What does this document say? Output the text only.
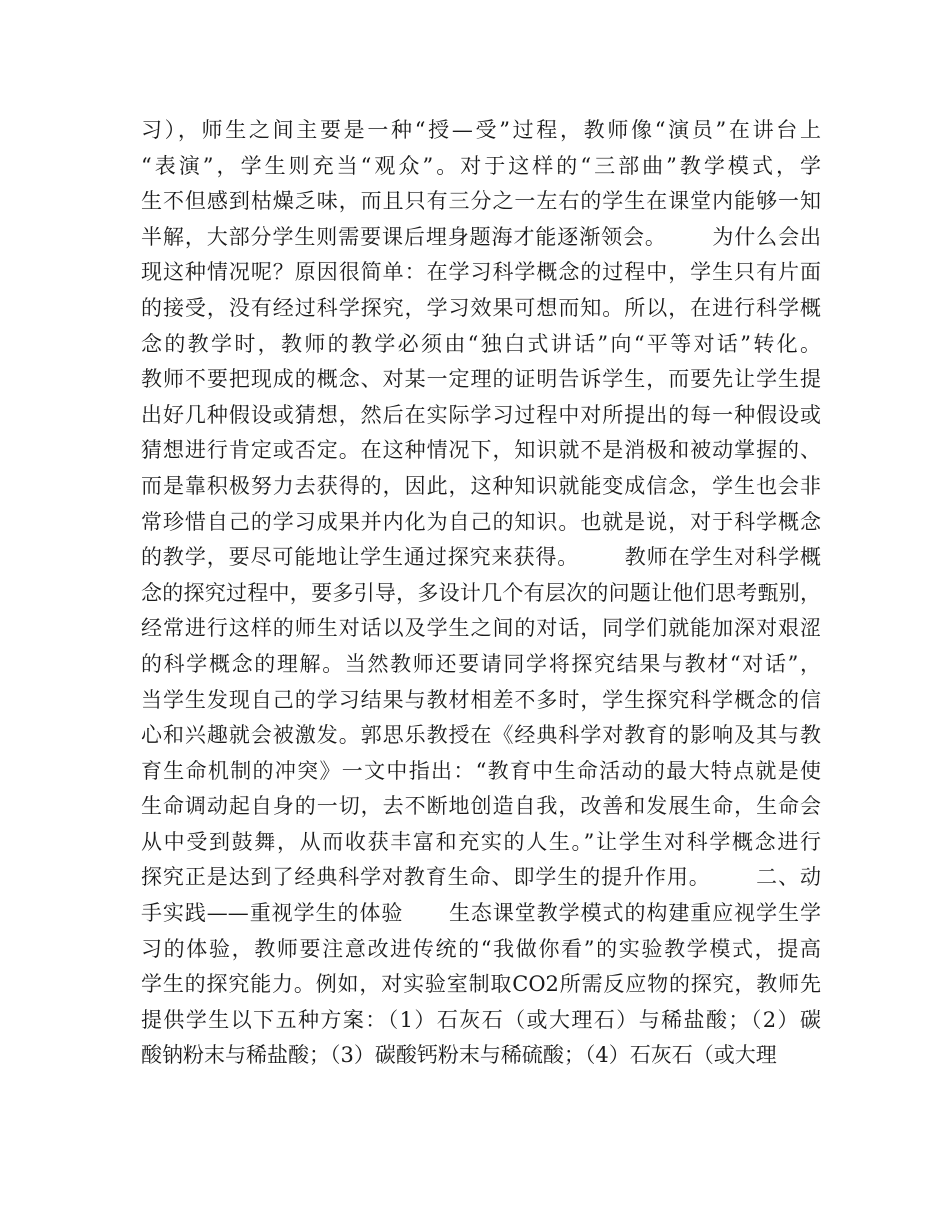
习），师生之间主要是一种“授—受”过程，教师像“演员”在讲台上
“表演”，学生则充当“观众”。对于这样的“三部曲”教学模式，学
生不但感到枯燥乏味，而且只有三分之一左右的学生在课堂内能够一知
半解，大部分学生则需要课后埋身题海才能逐渐领会。      为什么会出
现这种情况呢？原因很简单：在学习科学概念的过程中，学生只有片面
的接受，没有经过科学探究，学习效果可想而知。所以，在进行科学概
念的教学时，教师的教学必须由“独白式讲话”向“平等对话”转化。
教师不要把现成的概念、对某一定理的证明告诉学生，而要先让学生提
出好几种假设或猜想，然后在实际学习过程中对所提出的每一种假设或
猜想进行肯定或否定。在这种情况下，知识就不是消极和被动掌握的、
而是靠积极努力去获得的，因此，这种知识就能变成信念，学生也会非
常珍惜自己的学习成果并内化为自己的知识。也就是说，对于科学概念
的教学，要尽可能地让学生通过探究来获得。      教师在学生对科学概
念的探究过程中，要多引导，多设计几个有层次的问题让他们思考甄别，
经常进行这样的师生对话以及学生之间的对话，同学们就能加深对艰涩
的科学概念的理解。当然教师还要请同学将探究结果与教材“对话”，
当学生发现自己的学习结果与教材相差不多时，学生探究科学概念的信
心和兴趣就会被激发。郭思乐教授在《经典科学对教育的影响及其与教
育生命机制的冲突》一文中指出：“教育中生命活动的最大特点就是使
生命调动起自身的一切，去不断地创造自我，改善和发展生命，生命会
从中受到鼓舞，从而收获丰富和充实的人生。”让学生对科学概念进行
探究正是达到了经典科学对教育生命、即学生的提升作用。      二、动
手实践——重视学生的体验      生态课堂教学模式的构建重应视学生学
习的体验，教师要注意改进传统的“我做你看”的实验教学模式，提高
学生的探究能力。例如，对实验室制取CO2所需反应物的探究，教师先
提供学生以下五种方案：（1）石灰石（或大理石）与稀盐酸；（2）碳
酸钠粉末与稀盐酸；（3）碳酸钙粉末与稀硫酸；（4）石灰石（或大理
